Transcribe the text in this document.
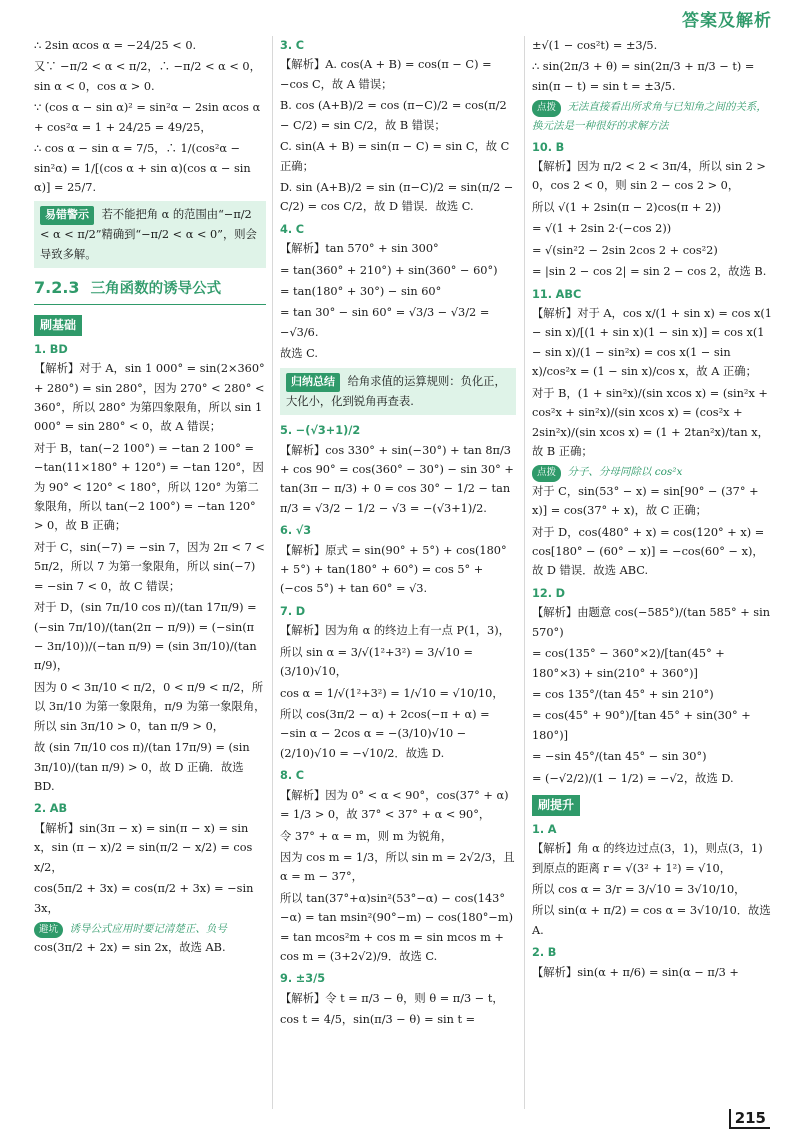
答案及解析
∴ 2sin αcos α = −24/25 < 0.
又∵ −π/2 < α < π/2，∴ −π/2 < α < 0，sin α < 0，cos α > 0.
∵ (cos α − sin α)² = sin²α − 2sin αcos α + cos²α = 1 + 24/25 = 49/25，
∴ cos α − sin α = 7/5，∴ 1/(cos²α − sin²α) = 1/[(cos α + sin α)(cos α − sin α)] = 25/7.
易错警示 若不能把角 α 的范围由“−π/2 < α < π/2”精确到“−π/2 < α < 0”，则会导致多解。
7.2.3 三角函数的诱导公式
刷基础
1. BD
【解析】对于 A，sin 1 000° = sin(2×360° + 280°) = sin 280°，因为 270° < 280° < 360°，所以 280° 为第四象限角，所以 sin 1 000° = sin 280° < 0，故 A 错误；
对于 B，tan(−2 100°) = −tan 2 100° = −tan(11×180° + 120°) = −tan 120°，因为 90° < 120° < 180°，所以 120° 为第二象限角，所以 tan(−2 100°) = −tan 120° > 0，故 B 正确；
对于 C，sin(−7) = −sin 7，因为 2π < 7 < 5π/2，所以 7 为第一象限角，所以 sin(−7) = −sin 7 < 0，故 C 错误；
对于 D，(sin 7π/10 cos π)/(tan 17π/9) = (−sin 7π/10)/(tan(2π − π/9)) = (−sin(π − 3π/10))/(−tan π/9) = (sin 3π/10)/(tan π/9)，
因为 0 < 3π/10 < π/2，0 < π/9 < π/2，所以 3π/10 为第一象限角，π/9 为第一象限角，所以 sin 3π/10 > 0，tan π/9 > 0，
故 (sin 7π/10 cos π)/(tan 17π/9) = (sin 3π/10)/(tan π/9) > 0，故 D 正确．故选 BD.
2. AB
【解析】sin(3π − x) = sin(π − x) = sin x，sin (π − x)/2 = sin(π/2 − x/2) = cos x/2，
cos(5π/2 + 3x) = cos(π/2 + 3x) = −sin 3x，
避坑 诱导公式应用时要记清楚正、负号
cos(3π/2 + 2x) = sin 2x，故选 AB.
3. C
【解析】A. cos(A + B) = cos(π − C) = −cos C，故 A 错误；
B. cos (A+B)/2 = cos (π−C)/2 = cos(π/2 − C/2) = sin C/2，故 B 错误；
C. sin(A + B) = sin(π − C) = sin C，故 C 正确；
D. sin (A+B)/2 = sin (π−C)/2 = sin(π/2 − C/2) = cos C/2，故 D 错误．故选 C.
4. C
【解析】tan 570° + sin 300°
= tan(360° + 210°) + sin(360° − 60°)
= tan(180° + 30°) − sin 60°
= tan 30° − sin 60° = √3/3 − √3/2 = −√3/6.
故选 C.
归纳总结 给角求值的运算规则：负化正，大化小，化到锐角再查表.
5. −(√3+1)/2
【解析】cos 330° + sin(−30°) + tan 8π/3 + cos 90° = cos(360° − 30°) − sin 30° + tan(3π − π/3) + 0 = cos 30° − 1/2 − tan π/3 = √3/2 − 1/2 − √3 = −(√3+1)/2.
6. √3
【解析】原式 = sin(90° + 5°) + cos(180° + 5°) + tan(180° + 60°) = cos 5° + (−cos 5°) + tan 60° = √3.
7. D
【解析】因为角 α 的终边上有一点 P(1，3)，
所以 sin α = 3/√(1²+3²) = 3/√10 = (3/10)√10，
cos α = 1/√(1²+3²) = 1/√10 = √10/10，
所以 cos(3π/2 − α) + 2cos(−π + α) = −sin α − 2cos α = −(3/10)√10 − (2/10)√10 = −√10/2．故选 D.
8. C
【解析】因为 0° < α < 90°，cos(37° + α) = 1/3 > 0，故 37° < 37° + α < 90°，
令 37° + α = m，则 m 为锐角，
因为 cos m = 1/3，所以 sin m = 2√2/3，且 α = m − 37°，
所以 tan(37°+α)sin²(53°−α) − cos(143°−α) = tan msin²(90°−m) − cos(180°−m) = tan mcos²m + cos m = sin mcos m + cos m = (3+2√2)/9．故选 C.
9. ±3/5
【解析】令 t = π/3 − θ，则 θ = π/3 − t，
cos t = 4/5，sin(π/3 − θ) = sin t =
±√(1 − cos²t) = ±3/5.
∴ sin(2π/3 + θ) = sin(2π/3 + π/3 − t) = sin(π − t) = sin t = ±3/5.
点拨 无法直接看出所求角与已知角之间的关系，换元法是一种很好的求解方法
10. B
【解析】因为 π/2 < 2 < 3π/4，所以 sin 2 > 0，cos 2 < 0，则 sin 2 − cos 2 > 0，
所以 √(1 + 2sin(π − 2)cos(π + 2))
= √(1 + 2sin 2·(−cos 2))
= √(sin²2 − 2sin 2cos 2 + cos²2)
= |sin 2 − cos 2| = sin 2 − cos 2，故选 B.
11. ABC
【解析】对于 A，cos x/(1 + sin x) = cos x(1 − sin x)/[(1 + sin x)(1 − sin x)] = cos x(1 − sin x)/(1 − sin²x) = cos x(1 − sin x)/cos²x = (1 − sin x)/cos x，故 A 正确；
对于 B，(1 + sin²x)/(sin xcos x) = (sin²x + cos²x + sin²x)/(sin xcos x) = (cos²x + 2sin²x)/(sin xcos x) = (1 + 2tan²x)/tan x，故 B 正确；
点拨 分子、分母同除以 cos²x
对于 C，sin(53° − x) = sin[90° − (37° + x)] = cos(37° + x)，故 C 正确；
对于 D，cos(480° + x) = cos(120° + x) = cos[180° − (60° − x)] = −cos(60° − x)，故 D 错误．故选 ABC.
12. D
【解析】由题意 cos(−585°)/(tan 585° + sin 570°)
= cos(135° − 360°×2)/[tan(45° + 180°×3) + sin(210° + 360°)]
= cos 135°/(tan 45° + sin 210°)
= cos(45° + 90°)/[tan 45° + sin(30° + 180°)]
= −sin 45°/(tan 45° − sin 30°)
= (−√2/2)/(1 − 1/2) = −√2，故选 D.
刷提升
1. A
【解析】角 α 的终边过点(3，1)，则点(3，1)到原点的距离 r = √(3² + 1²) = √10，
所以 cos α = 3/r = 3/√10 = 3√10/10，
所以 sin(α + π/2) = cos α = 3√10/10．故选 A.
2. B
【解析】sin(α + π/6) = sin(α − π/3 +
215
